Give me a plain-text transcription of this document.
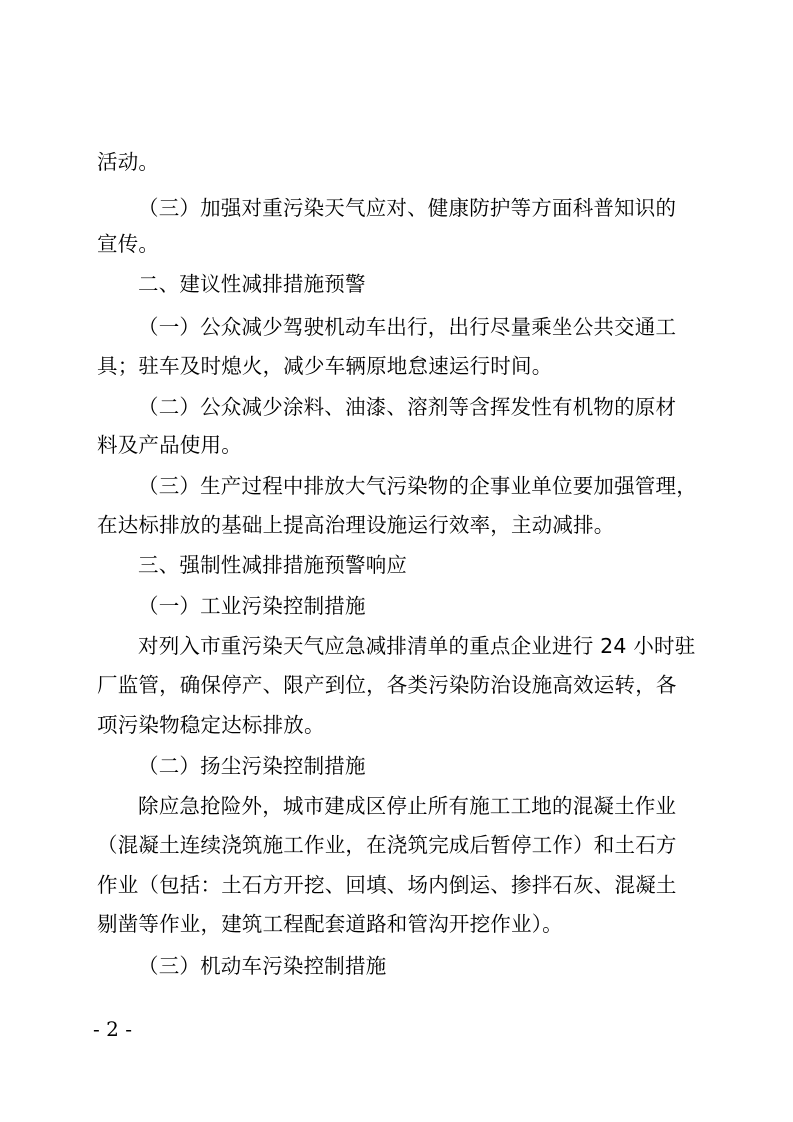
活动。
（三）加强对重污染天气应对、健康防护等方面科普知识的
宣传。
二、建议性减排措施预警
（一）公众减少驾驶机动车出行，出行尽量乘坐公共交通工
具；驻车及时熄火，减少车辆原地怠速运行时间。
（二）公众减少涂料、油漆、溶剂等含挥发性有机物的原材
料及产品使用。
（三）生产过程中排放大气污染物的企事业单位要加强管理，
在达标排放的基础上提高治理设施运行效率，主动减排。
三、强制性减排措施预警响应
（一）工业污染控制措施
对列入市重污染天气应急减排清单的重点企业进行 24 小时驻
厂监管，确保停产、限产到位，各类污染防治设施高效运转，各
项污染物稳定达标排放。
（二）扬尘污染控制措施
除应急抢险外，城市建成区停止所有施工工地的混凝土作业
（混凝土连续浇筑施工作业，在浇筑完成后暂停工作）和土石方
作业（包括：土石方开挖、回填、场内倒运、掺拌石灰、混凝土
剔凿等作业，建筑工程配套道路和管沟开挖作业）。
（三）机动车污染控制措施
- 2 -
